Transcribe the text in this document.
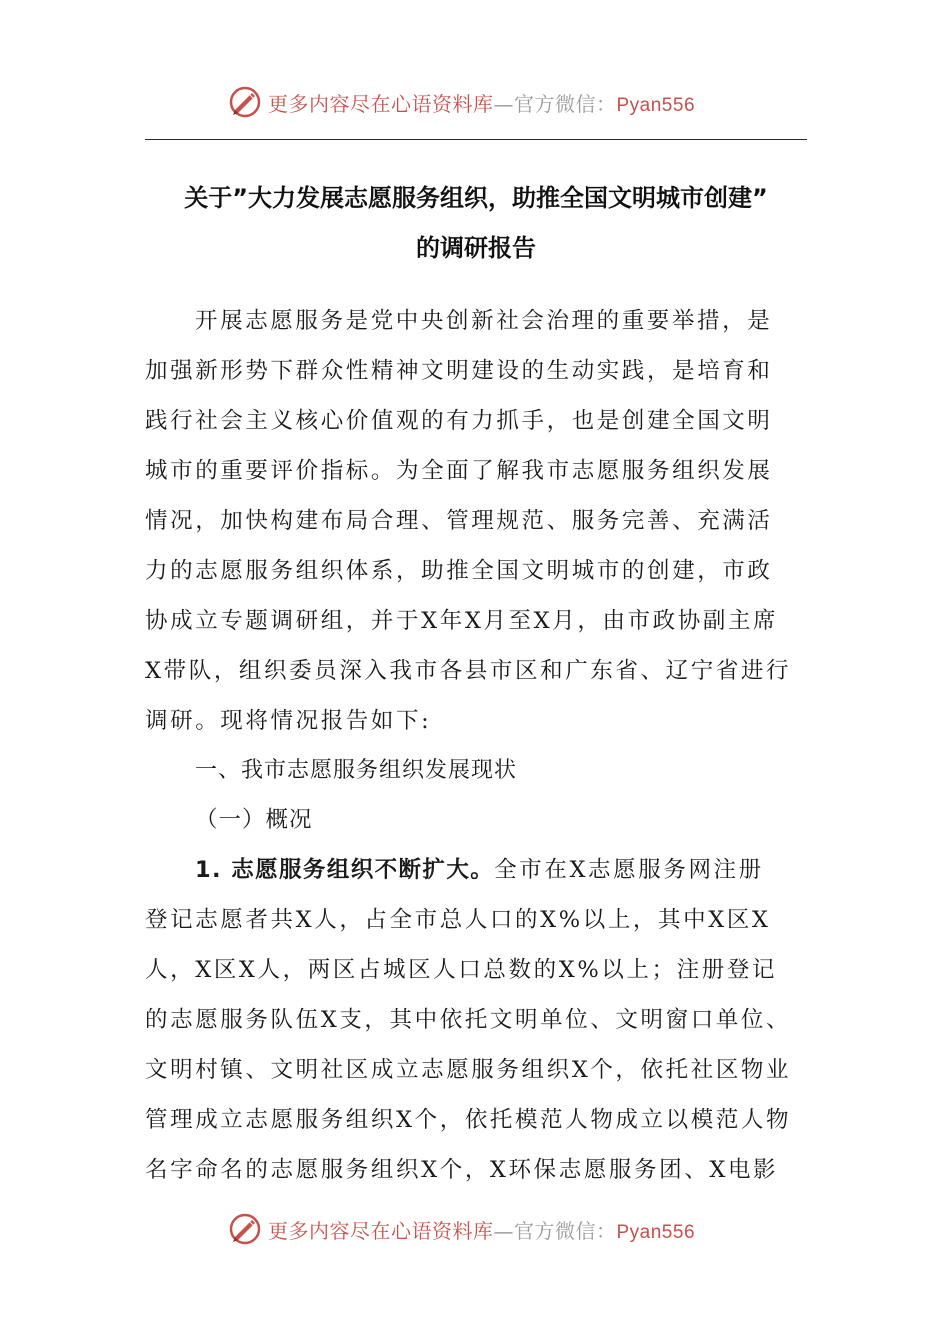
更多内容尽在心语资料库—官方微信：Pyan556
关于”大力发展志愿服务组织，助推全国文明城市创建”
的调研报告
开展志愿服务是党中央创新社会治理的重要举措，是
加强新形势下群众性精神文明建设的生动实践，是培育和
践行社会主义核心价值观的有力抓手，也是创建全国文明
城市的重要评价指标。为全面了解我市志愿服务组织发展
情况，加快构建布局合理、管理规范、服务完善、充满活
力的志愿服务组织体系，助推全国文明城市的创建，市政
协成立专题调研组，并于X年X月至X月，由市政协副主席
X带队，组织委员深入我市各县市区和广东省、辽宁省进行
调研。现将情况报告如下:
一、我市志愿服务组织发展现状
（一）概况
1. 志愿服务组织不断扩大。全市在X志愿服务网注册
登记志愿者共X人，占全市总人口的X%以上，其中X区X
人，X区X人，两区占城区人口总数的X%以上；注册登记
的志愿服务队伍X支，其中依托文明单位、文明窗口单位、
文明村镇、文明社区成立志愿服务组织X个，依托社区物业
管理成立志愿服务组织X个，依托模范人物成立以模范人物
名字命名的志愿服务组织X个，X环保志愿服务团、X电影
更多内容尽在心语资料库—官方微信：Pyan556
